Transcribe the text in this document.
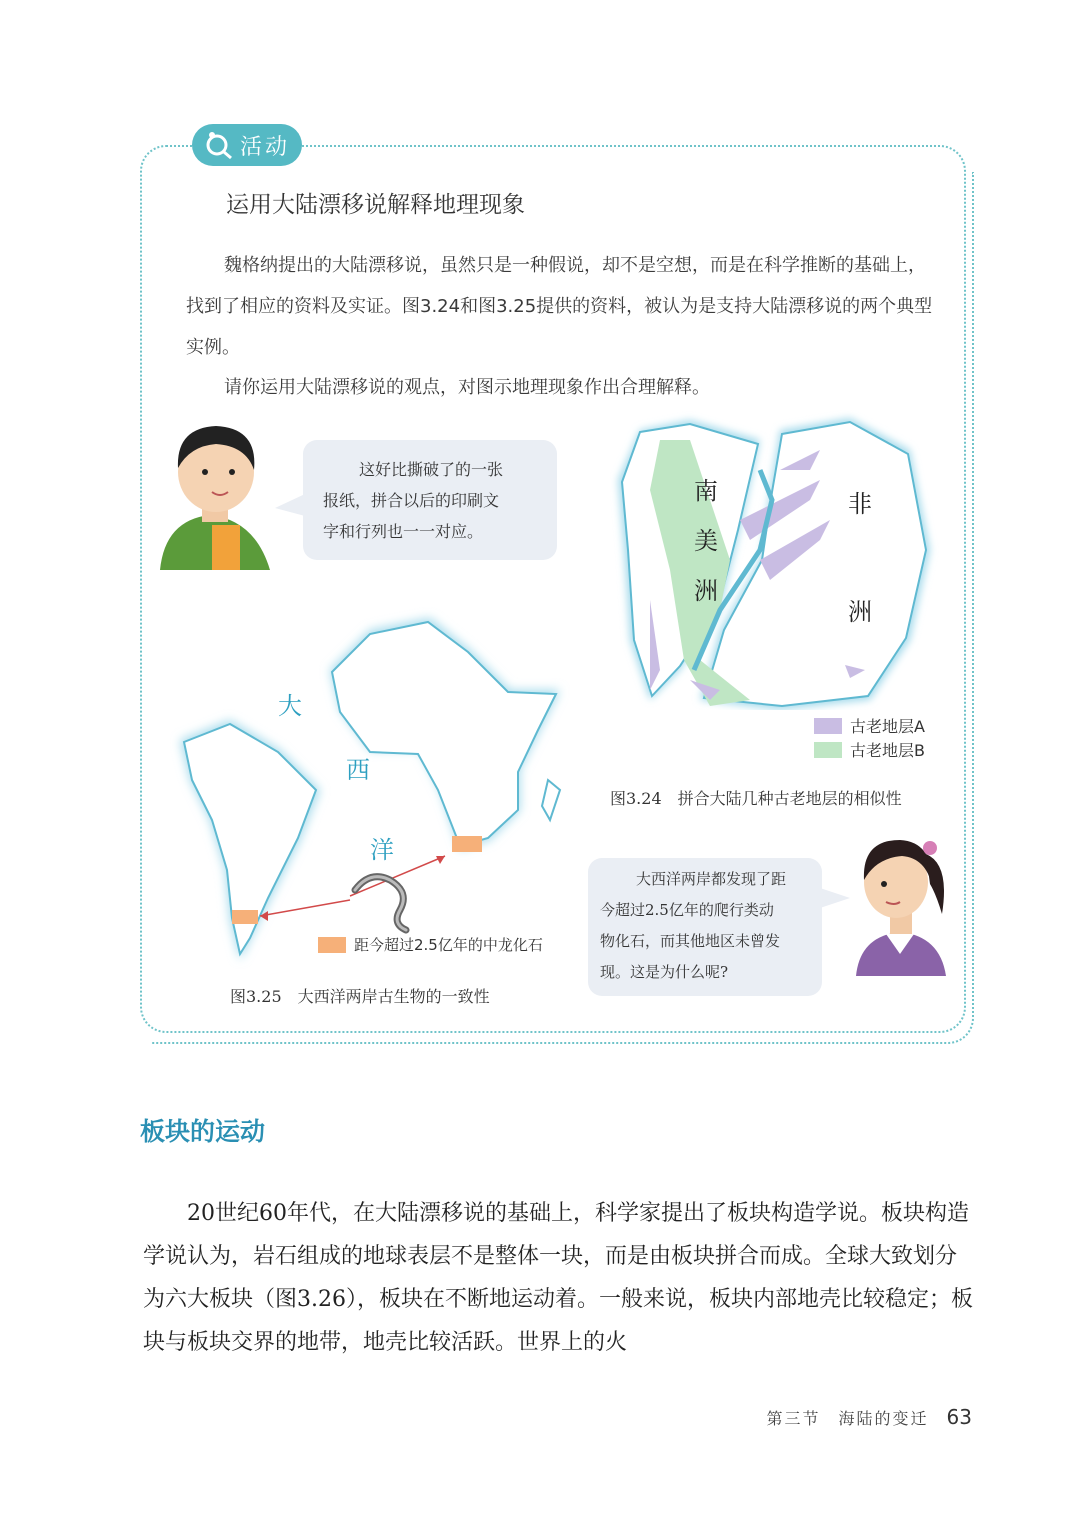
活动
运用大陆漂移说解释地理现象
魏格纳提出的大陆漂移说，虽然只是一种假说，却不是空想，而是在科学推断的基础上，找到了相应的资料及实证。图3.24和图3.25提供的资料，被认为是支持大陆漂移说的两个典型实例。
请你运用大陆漂移说的观点，对图示地理现象作出合理解释。
这好比撕破了的一张
报纸，拼合以后的印刷文
字和行列也一一对应。
南
美
洲
非
洲
古老地层A
古老地层B
图3.24　拼合大陆几种古老地层的相似性
大
西
洋
距今超过2.5亿年的中龙化石
图3.25　大西洋两岸古生物的一致性
大西洋两岸都发现了距
今超过2.5亿年的爬行类动
物化石，而其他地区未曾发
现。这是为什么呢?
板块的运动
20世纪60年代，在大陆漂移说的基础上，科学家提出了板块构造学说。板块构造学说认为，岩石组成的地球表层不是整体一块，而是由板块拼合而成。全球大致划分为六大板块（图3.26），板块在不断地运动着。一般来说，板块内部地壳比较稳定；板块与板块交界的地带，地壳比较活跃。世界上的火
第三节　海陆的变迁 63
